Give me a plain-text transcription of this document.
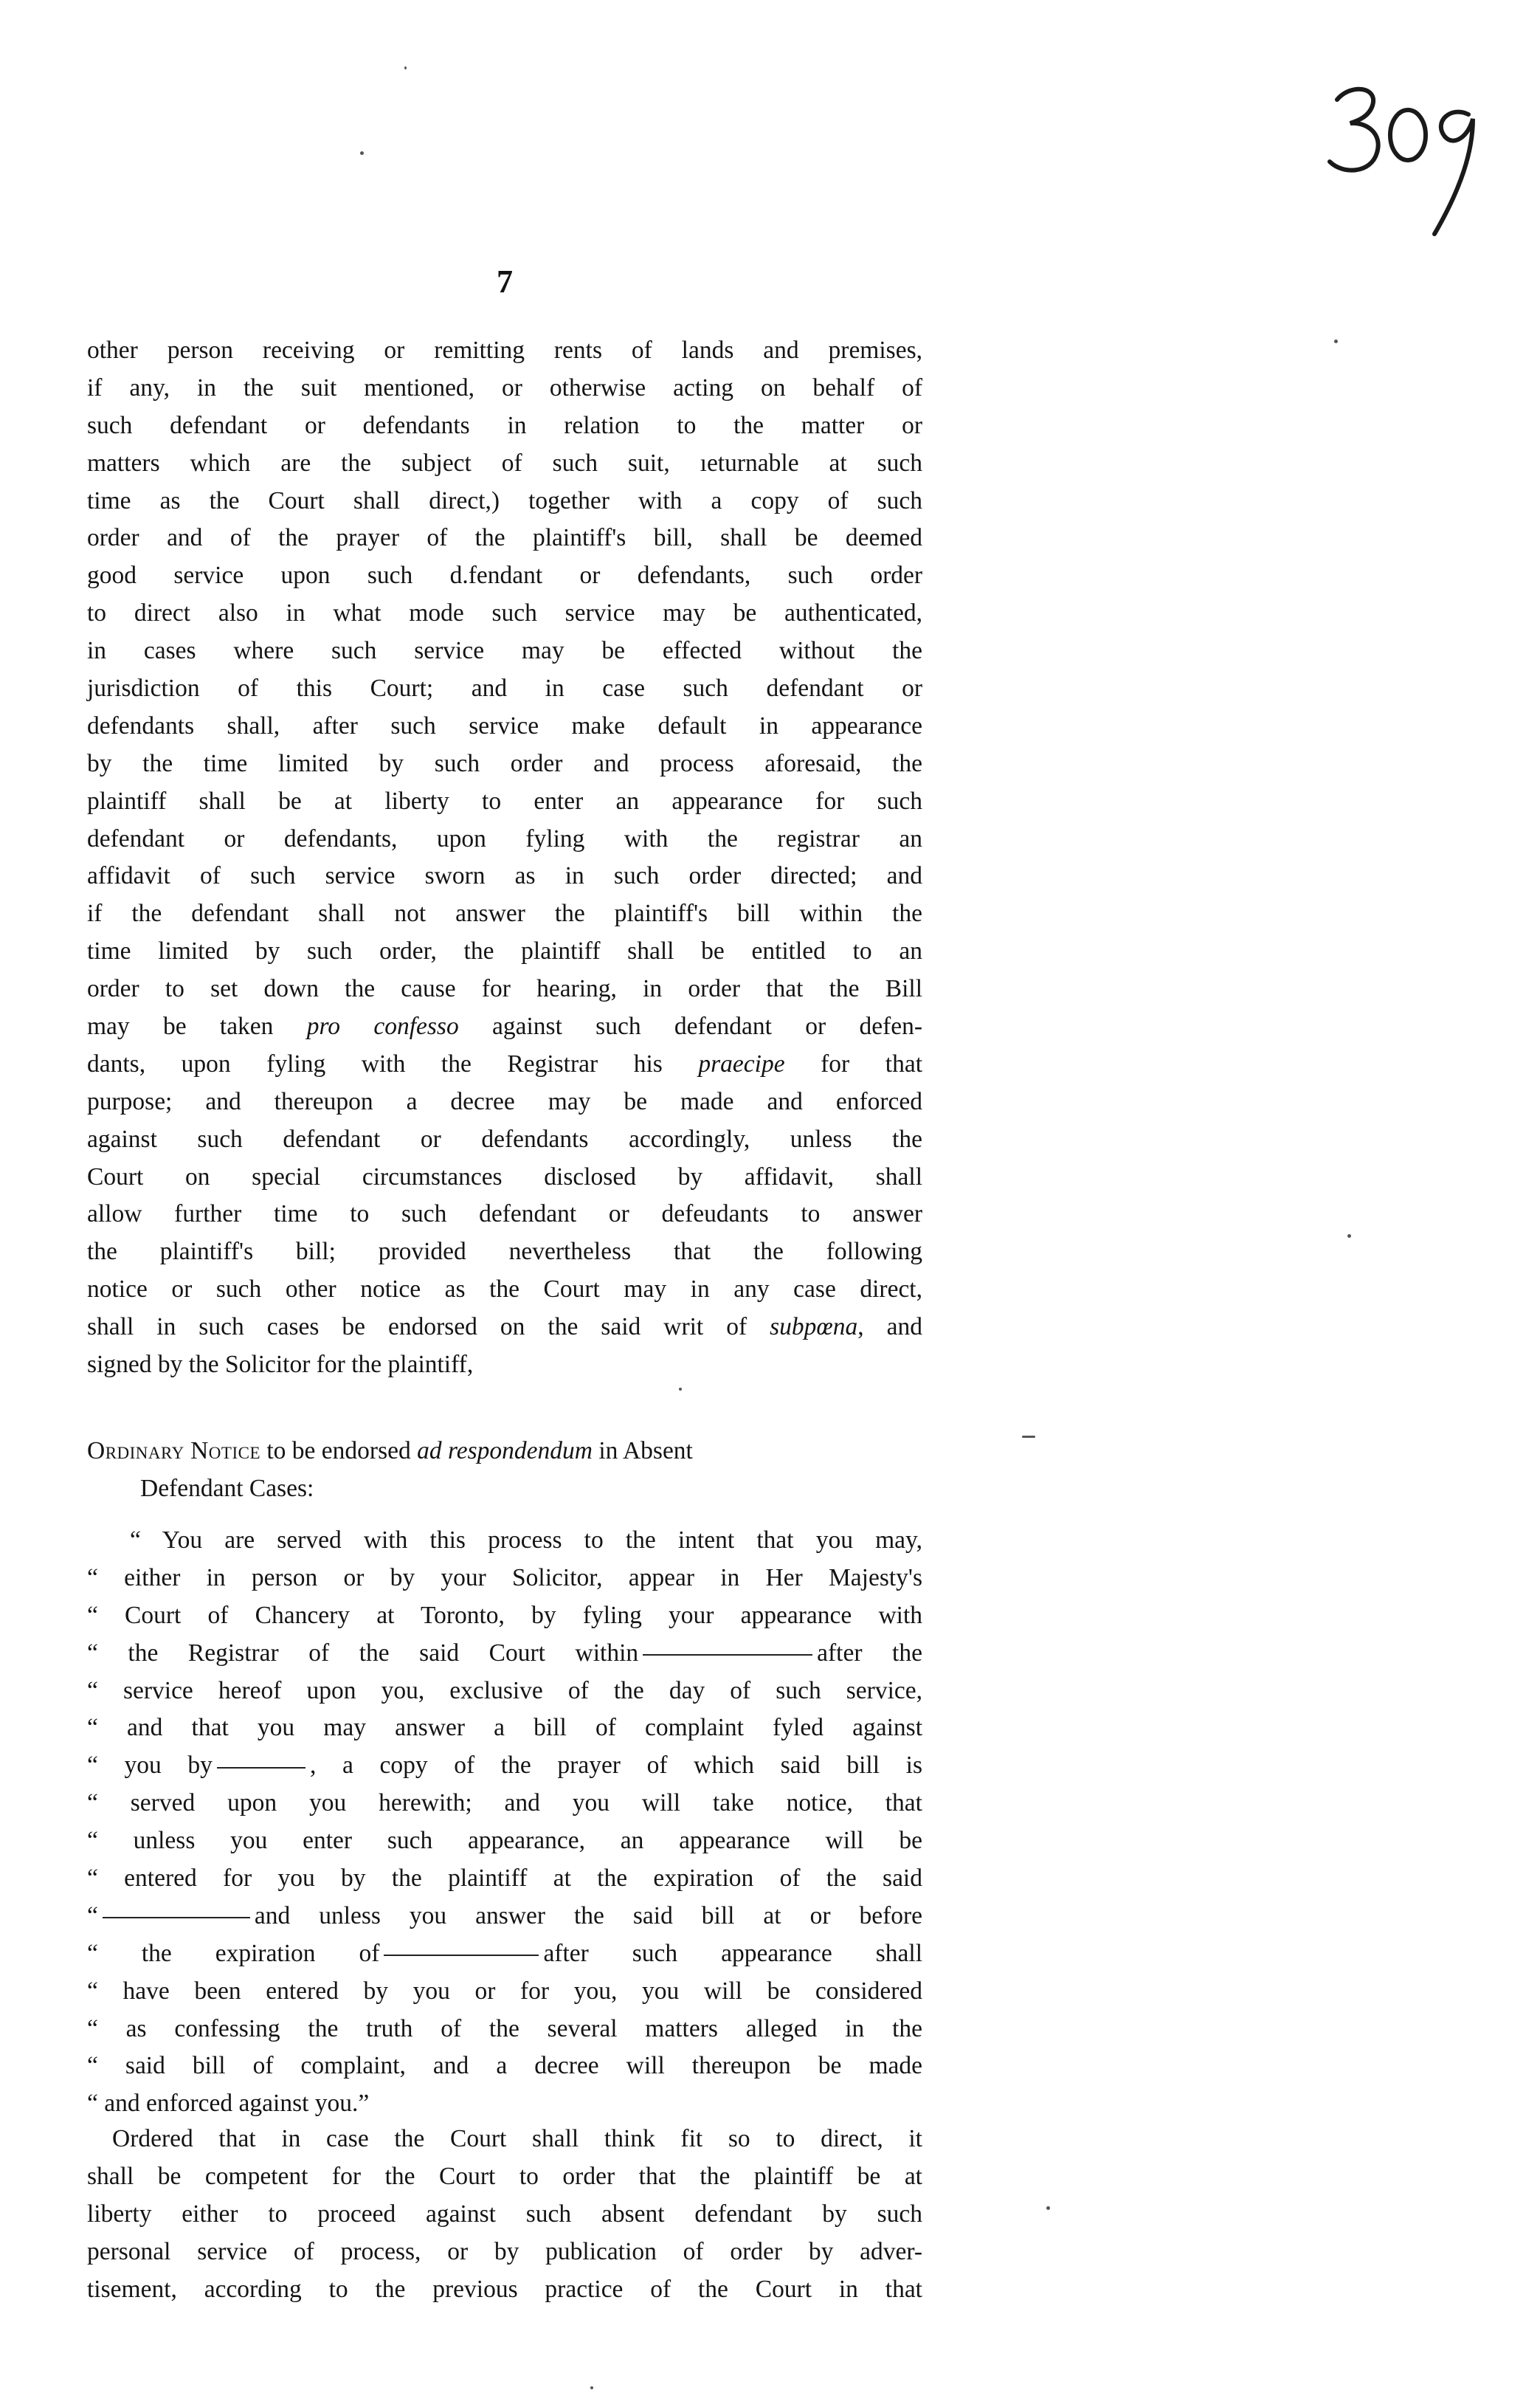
7
other person receiving or remitting rents of lands and premises,
if any, in the suit mentioned, or otherwise acting on behalf of
such defendant or defendants in relation to the matter or
matters which are the subject of such suit, ıeturnable at such
time as the Court shall direct,) together with a copy of such
order and of the prayer of the plaintiff's bill, shall be deemed
good service upon such d.fendant or defendants, such order
to direct also in what mode such service may be authenticated,
in cases where such service may be effected without the
jurisdiction of this Court; and in case such defendant or
defendants shall, after such service make default in appearance
by the time limited by such order and process aforesaid, the
plaintiff shall be at liberty to enter an appearance for such
defendant or defendants, upon fyling with the registrar an
affidavit of such service sworn as in such order directed; and
if the defendant shall not answer the plaintiff's bill within the
time limited by such order, the plaintiff shall be entitled to an
order to set down the cause for hearing, in order that the Bill
may be taken pro confesso against such defendant or defen-
dants, upon fyling with the Registrar his praecipe for that
purpose; and thereupon a decree may be made and enforced
against such defendant or defendants accordingly, unless the
Court on special circumstances disclosed by affidavit, shall
allow further time to such defendant or defeudants to answer
the plaintiff's bill; provided nevertheless that the following
notice or such other notice as the Court may in any case direct,
shall in such cases be endorsed on the said writ of subpœna, and
signed by the Solicitor for the plaintiff,
Ordinary Notice to be endorsed ad respondendum in Absent
Defendant Cases:
“ You are served with this process to the intent that you may,
“ either in person or by your Solicitor, appear in Her Majesty's
“ Court of Chancery at Toronto, by fyling your appearance with
“ the Registrar of the said Court within	after the
“ service hereof upon you, exclusive of the day of such service,
“ and that you may answer a bill of complaint fyled against
“ you by	, a copy of the prayer of which said bill is
“ served upon you herewith; and you will take notice, that
“ unless you enter such appearance, an appearance will be
“ entered for you by the plaintiff at the expiration of the said
“	and unless you answer the said bill at or before
“ the expiration of	after such appearance shall
“ have been entered by you or for you, you will be considered
“ as confessing the truth of the several matters alleged in the
“ said bill of complaint, and a decree will thereupon be made
“ and enforced against you.”
Ordered that in case the Court shall think fit so to direct, it
shall be competent for the Court to order that the plaintiff be at
liberty either to proceed against such absent defendant by such
personal service of process, or by publication of order by adver-
tisement, according to the previous practice of the Court in that
